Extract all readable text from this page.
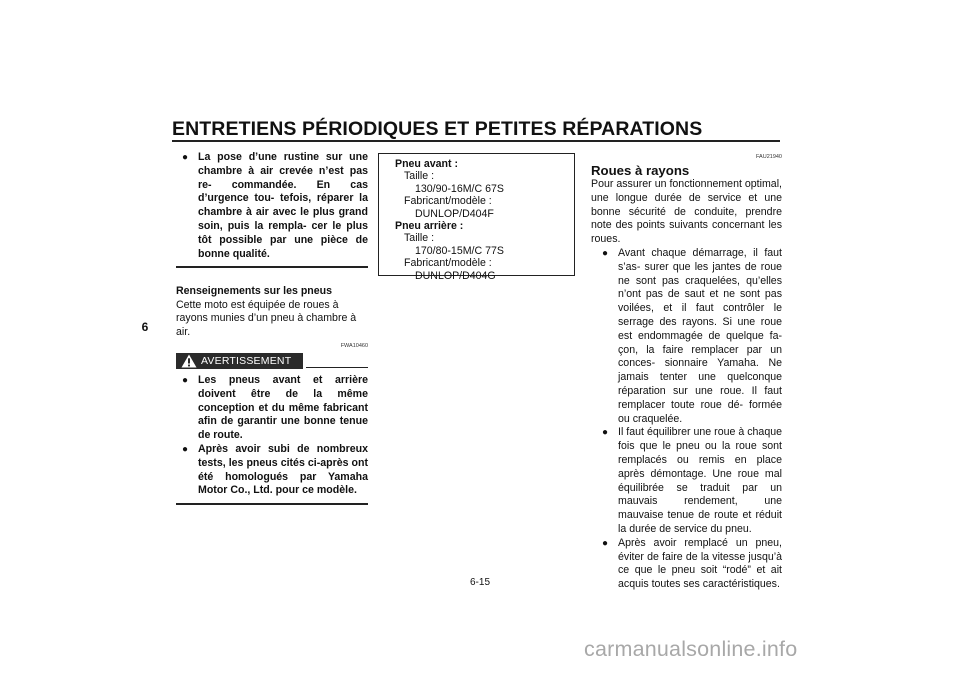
ENTRETIENS PÉRIODIQUES ET PETITES RÉPARATIONS
6

● La pose d’une rustine sur une chambre à air crevée n’est pas re- commandée. En cas d’urgence tou- tefois, réparer la chambre à air avec le plus grand soin, puis la rempla- cer le plus tôt possible par une pièce de bonne qualité.

Renseignements sur les pneus

Cette moto est équipée de roues à rayons munies d’un pneu à chambre à air.

FWA10460
AVERTISSEMENT

● Les pneus avant et arrière doivent être de la même conception et du même fabricant afin de garantir une bonne tenue de route.

● Après avoir subi de nombreux tests, les pneus cités ci-après ont été homologués par Yamaha Motor Co., Ltd. pour ce modèle.

Pneu avant :
Taille :
130/90-16M/C 67S
Fabricant/modèle :
DUNLOP/D404F
Pneu arrière :
Taille :
170/80-15M/C 77S
Fabricant/modèle :
DUNLOP/D404G
FAU21940
Roues à rayons

Pour assurer un fonctionnement optimal, une longue durée de service et une bonne sécurité de conduite, prendre note des points suivants concernant les roues.

● Avant chaque démarrage, il faut s’as- surer que les jantes de roue ne sont pas craquelées, qu’elles n’ont pas de saut et ne sont pas voilées, et il faut contrôler le serrage des rayons. Si une roue est endommagée de quelque fa- çon, la faire remplacer par un conces- sionnaire Yamaha. Ne jamais tenter une quelconque réparation sur une roue. Il faut remplacer toute roue dé- formée ou craquelée.

● Il faut équilibrer une roue à chaque fois que le pneu ou la roue sont remplacés ou remis en place après démontage. Une roue mal équilibrée se traduit par un mauvais rendement, une mauvaise tenue de route et réduit la durée de service du pneu.

● Après avoir remplacé un pneu, éviter de faire de la vitesse jusqu’à ce que le pneu soit “rodé” et ait acquis toutes ses caractéristiques.

6-15
carmanualsonline.info
